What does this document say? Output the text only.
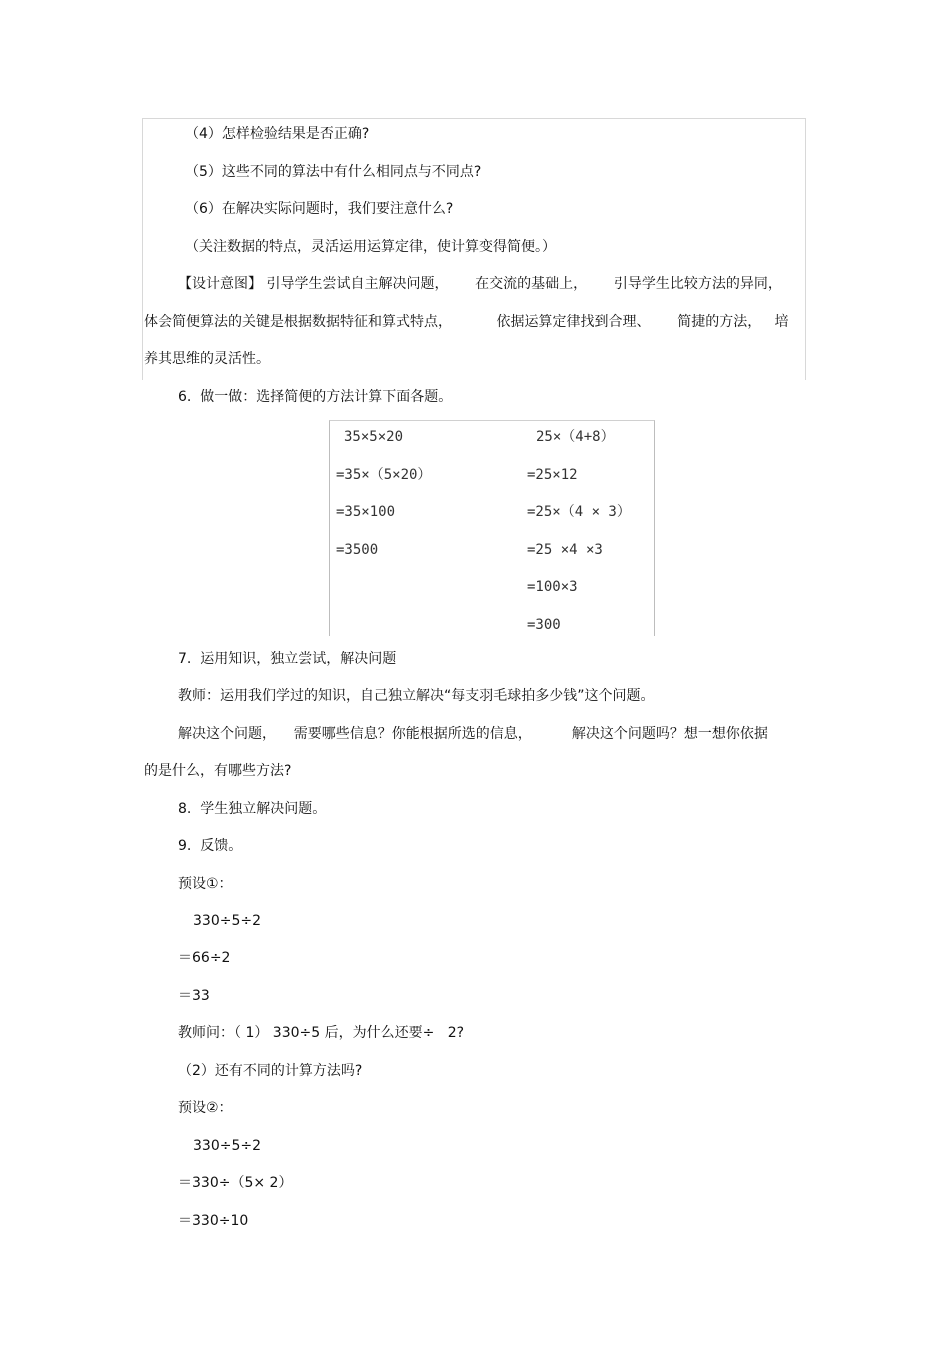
（4）怎样检验结果是否正确?
（5）这些不同的算法中有什么相同点与不同点?
（6）在解决实际问题时，我们要注意什么?
（关注数据的特点，灵活运用运算定律，使计算变得简便。）
【设计意图】 引导学生尝试自主解决问题，      在交流的基础上，      引导学生比较方法的异同，
体会简便算法的关键是根据数据特征和算式特点，          依据运算定律找到合理、      简捷的方法，   培
养其思维的灵活性。
6.  做一做：选择简便的方法计算下面各题。
35×5×20
=35×（5×20）
=35×100
=3500
25×（4+8）
=25×12
=25×（4 × 3）
=25 ×4 ×3
=100×3
=300
7.  运用知识，独立尝试，解决问题
教师：运用我们学过的知识，自己独立解决“每支羽毛球拍多少钱”这个问题。
解决这个问题，    需要哪些信息？你能根据所选的信息，         解决这个问题吗？想一想你依据
的是什么，有哪些方法?
8.  学生独立解决问题。
9.  反馈。
预设①：
330÷5÷2
＝66÷2
＝33
教师问：（ 1） 330÷5 后，为什么还要÷   2?
（2）还有不同的计算方法吗?
预设②：
330÷5÷2
＝330÷（5× 2）
＝330÷10
